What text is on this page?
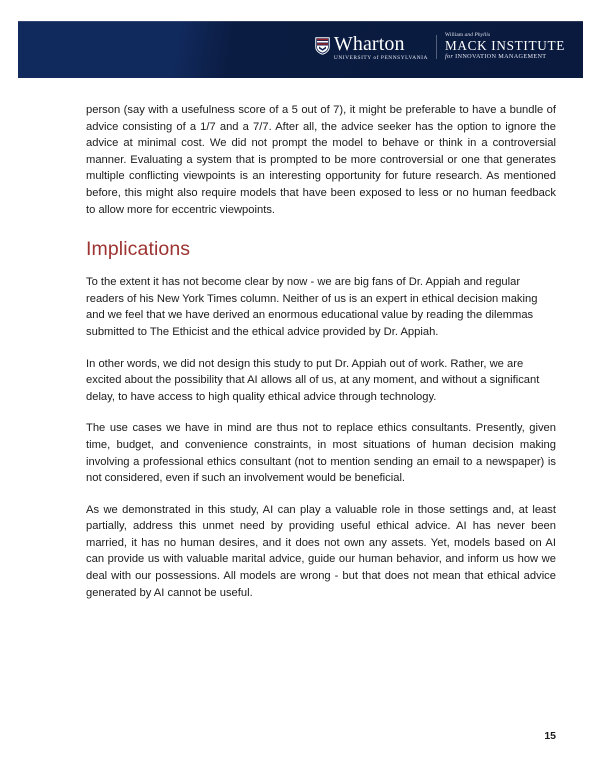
Wharton
UNIVERSITY of PENNSYLVANIA
William and Phyllis
MACK INSTITUTE
for INNOVATION MANAGEMENT

person (say with a usefulness score of a 5 out of 7), it might be preferable to have a bundle of advice consisting of a 1/7 and a 7/7. After all, the advice seeker has the option to ignore the advice at minimal cost. We did not prompt the model to behave or think in a controversial manner. Evaluating a system that is prompted to be more controversial or one that generates multiple conflicting viewpoints is an interesting opportunity for future research. As mentioned before, this might also require models that have been exposed to less or no human feedback to allow more for eccentric viewpoints.

Implications

To the extent it has not become clear by now - we are big fans of Dr. Appiah and regular readers of his New York Times column. Neither of us is an expert in ethical decision making and we feel that we have derived an enormous educational value by reading the dilemmas submitted to The Ethicist and the ethical advice provided by Dr. Appiah.

In other words, we did not design this study to put Dr. Appiah out of work. Rather, we are excited about the possibility that AI allows all of us, at any moment, and without a significant delay, to have access to high quality ethical advice through technology.

The use cases we have in mind are thus not to replace ethics consultants. Presently, given time, budget, and convenience constraints, in most situations of human decision making involving a professional ethics consultant (not to mention sending an email to a newspaper) is not considered, even if such an involvement would be beneficial.

As we demonstrated in this study, AI can play a valuable role in those settings and, at least partially, address this unmet need by providing useful ethical advice. AI has never been married, it has no human desires, and it does not own any assets. Yet, models based on AI can provide us with valuable marital advice, guide our human behavior, and inform us how we deal with our possessions. All models are wrong - but that does not mean that ethical advice generated by AI cannot be useful.

15
